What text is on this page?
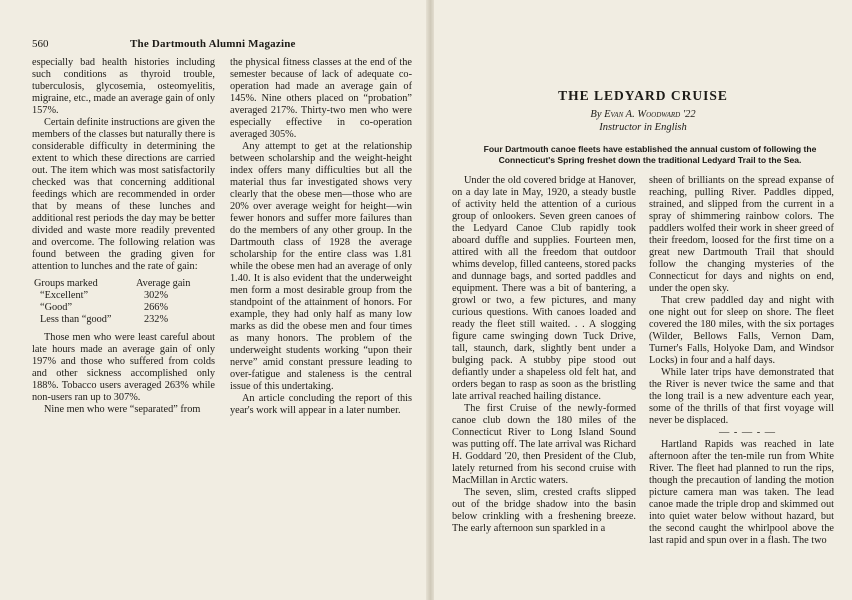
560	The Dartmouth Alumni Magazine

especially bad health histories including such conditions as thyroid trouble, tuberculosis, glycosemia, osteomyelitis, migraine, etc., made an average gain of only 157%.

Certain definite instructions are given the members of the classes but naturally there is considerable difficulty in determining the extent to which these directions are carried out. The item which was most satisfactorily checked was that concerning additional feedings which are recommended in order that by means of these lunches and additional rest periods the day may be better divided and waste more readily prevented and overcome. The following relation was found between the grading given for attention to lunches and the rate of gain:

Groups marked	Average gain
“Excellent”	302%
“Good”	266%
Less than “good”	232%

Those men who were least careful about late hours made an average gain of only 197% and those who suffered from colds and other sickness accomplished only 188%. Tobacco users averaged 263% while non-users ran up to 307%.

Nine men who were “separated” from

the physical fitness classes at the end of the semester because of lack of adequate co-operation had made an average gain of 145%. Nine others placed on “probation” averaged 217%. Thirty-two men who were especially effective in co-operation averaged 305%.

Any attempt to get at the relationship between scholarship and the weight-height index offers many difficulties but all the material thus far investigated shows very clearly that the obese men—those who are 20% over average weight for height—win fewer honors and suffer more failures than do the members of any other group. In the Dartmouth class of 1928 the average scholarship for the entire class was 1.81 while the obese men had an average of only 1.40. It is also evident that the underweight men form a most desirable group from the standpoint of the attainment of honors. For example, they had only half as many low marks as did the obese men and four times as many honors. The problem of the underweight students working “upon their nerve” amid constant pressure leading to over-fatigue and staleness is the central issue of this undertaking.

An article concluding the report of this year's work will appear in a later number.

THE LEDYARD CRUISE
By Evan A. Woodward '22
Instructor in English
Four Dartmouth canoe fleets have established the annual custom of following the Connecticut's Spring freshet down the traditional Ledyard Trail to the Sea.

Under the old covered bridge at Hanover, on a day late in May, 1920, a steady bustle of activity held the attention of a curious group of onlookers. Seven green canoes of the Ledyard Canoe Club rapidly took aboard duffle and supplies. Fourteen men, attired with all the freedom that outdoor whims develop, filled canteens, stored packs and dunnage bags, and sorted paddles and equipment. There was a bit of bantering, a growl or two, a few pictures, and many curious questions. With canoes loaded and ready the fleet still waited. . . A slogging figure came swinging down Tuck Drive, tall, staunch, dark, slightly bent under a bulging pack. A stubby pipe stood out defiantly under a shapeless old felt hat, and orders began to rasp as soon as the bristling late arrival reached hailing distance.

The first Cruise of the newly-formed canoe club down the 180 miles of the Connecticut River to Long Island Sound was putting off. The late arrival was Richard H. Goddard '20, then President of the Club, lately returned from his second cruise with MacMillan in Arctic waters.

The seven, slim, crested crafts slipped out of the bridge shadow into the basin below crinkling with a freshening breeze. The early afternoon sun sparkled in a

sheen of brilliants on the spread expanse of reaching, pulling River. Paddles dipped, strained, and slipped from the current in a spray of shimmering rainbow colors. The paddlers wolfed their work in sheer greed of their freedom, loosed for the first time on a great new Dartmouth Trail that should follow the changing mysteries of the Connecticut for days and nights on end, under the open sky.

That crew paddled day and night with one night out for sleep on shore. The fleet covered the 180 miles, with the six portages (Wilder, Bellows Falls, Vernon Dam, Turner's Falls, Holyoke Dam, and Windsor Locks) in four and a half days.

While later trips have demonstrated that the River is never twice the same and that the long trail is a new adventure each year, some of the thrills of that first voyage will never be displaced.

— - — - —

Hartland Rapids was reached in late afternoon after the ten-mile run from White River. The fleet had planned to run the rips, though the precaution of landing the motion picture camera man was taken. The lead canoe made the triple drop and skimmed out into quiet water below without hazard, but the second caught the whirlpool above the last rapid and spun over in a flash. The two
